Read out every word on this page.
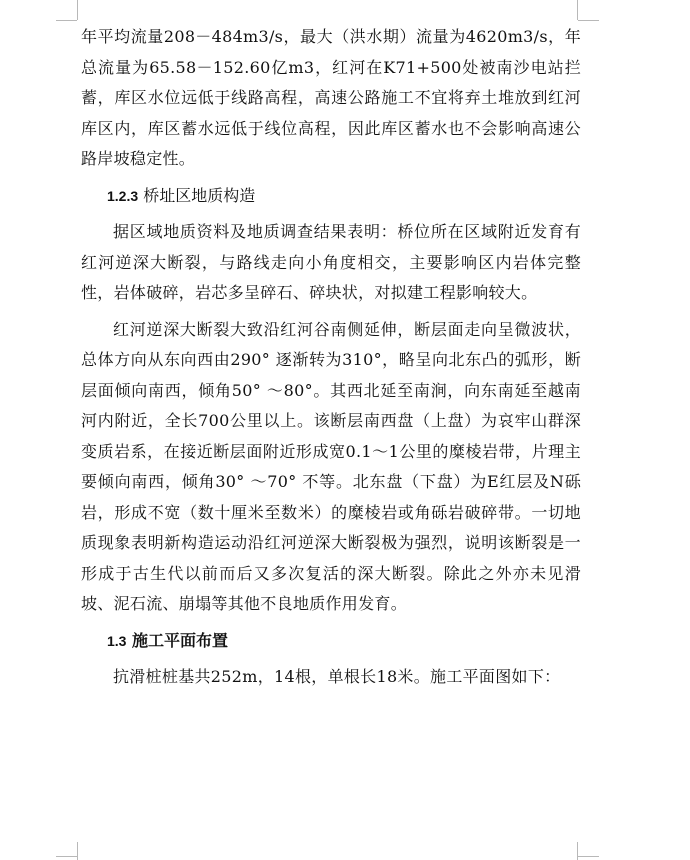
年平均流量208－484m3/s，最大（洪水期）流量为4620m3/s，年总流量为65.58－152.60亿m3，红河在K71+500处被南沙电站拦蓄，库区水位远低于线路高程，高速公路施工不宜将弃土堆放到红河库区内，库区蓄水远低于线位高程，因此库区蓄水也不会影响高速公路岸坡稳定性。

1.2.3 桥址区地质构造

据区域地质资料及地质调查结果表明：桥位所在区域附近发育有红河逆深大断裂，与路线走向小角度相交，主要影响区内岩体完整性，岩体破碎，岩芯多呈碎石、碎块状，对拟建工程影响较大。

红河逆深大断裂大致沿红河谷南侧延伸，断层面走向呈微波状，总体方向从东向西由290° 逐渐转为310°，略呈向北东凸的弧形，断层面倾向南西，倾角50° ～80°。其西北延至南涧，向东南延至越南河内附近，全长700公里以上。该断层南西盘（上盘）为哀牢山群深变质岩系，在接近断层面附近形成宽0.1～1公里的糜棱岩带，片理主要倾向南西，倾角30° ～70° 不等。北东盘（下盘）为E红层及N砾岩，形成不宽（数十厘米至数米）的糜棱岩或角砾岩破碎带。一切地质现象表明新构造运动沿红河逆深大断裂极为强烈，说明该断裂是一形成于古生代以前而后又多次复活的深大断裂。除此之外亦未见滑坡、泥石流、崩塌等其他不良地质作用发育。

1.3 施工平面布置

抗滑桩桩基共252m，14根，单根长18米。施工平面图如下：
